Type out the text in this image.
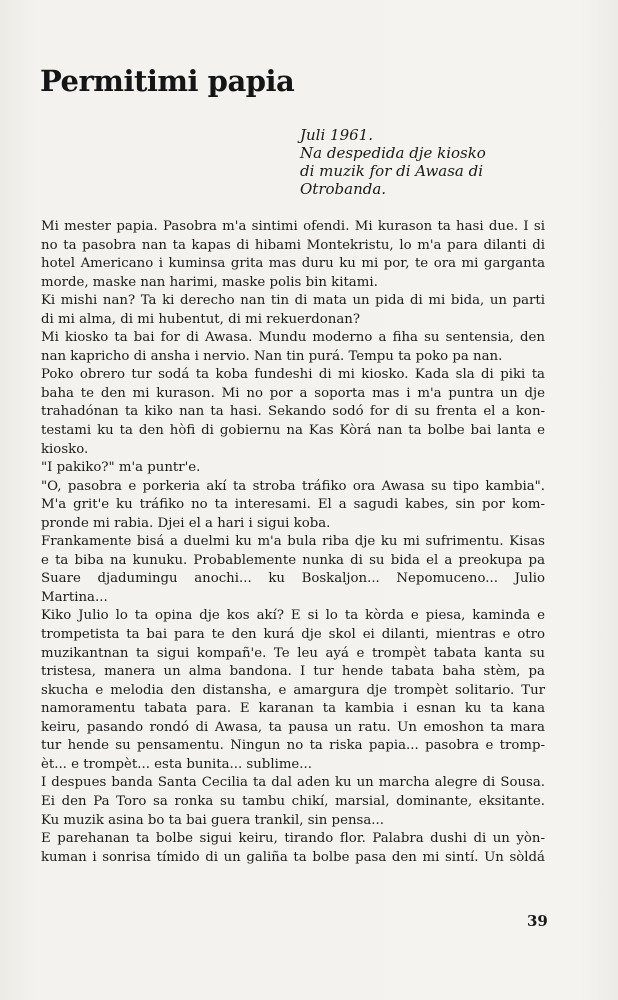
Permitimi papia
Juli 1961.
Na despedida dje kiosko
di muzik for di Awasa di
Otrobanda.
Mi mester papia. Pasobra m'a sintimi ofendi. Mi kurason ta hasi due. I si
no ta pasobra nan ta kapas di hibami Montekristu, lo m'a para dilanti di
hotel Americano i kuminsa grita mas duru ku mi por, te ora mi garganta
morde, maske nan harimi, maske polis bin kitami.
Ki mishi nan? Ta ki derecho nan tin di mata un pida di mi bida, un parti
di mi alma, di mi hubentut, di mi rekuerdonan?
Mi kiosko ta bai for di Awasa. Mundu moderno a fiha su sentensia, den
nan kapricho di ansha i nervio. Nan tin purá. Tempu ta poko pa nan.
Poko obrero tur sodá ta koba fundeshi di mi kiosko. Kada sla di piki ta
baha te den mi kurason. Mi no por a soporta mas i m'a puntra un dje
trahadónan ta kiko nan ta hasi. Sekando sodó for di su frenta el a kon-
testami ku ta den hòfi di gobiernu na Kas Kòrá nan ta bolbe bai lanta e
kiosko.
"I pakiko?" m'a puntr'e.
"O, pasobra e porkeria akí ta stroba tráfiko ora Awasa su tipo kambia".
M'a grit'e ku tráfiko no ta interesami. El a sagudi kabes, sin por kom-
pronde mi rabia. Djei el a hari i sigui koba.
Frankamente bisá a duelmi ku m'a bula riba dje ku mi sufrimentu. Kisas
e ta biba na kunuku. Probablemente nunka di su bida el a preokupa pa
Suare djadumingu anochi... ku Boskaljon... Nepomuceno... Julio
Martina...
Kiko Julio lo ta opina dje kos akí? E si lo ta kòrda e piesa, kaminda e
trompetista ta bai para te den kurá dje skol ei dilanti, mientras e otro
muzikantnan ta sigui kompañ'e. Te leu ayá e trompèt tabata kanta su
tristesa, manera un alma bandona. I tur hende tabata baha stèm, pa
skucha e melodia den distansha, e amargura dje trompèt solitario. Tur
namoramentu tabata para. E karanan ta kambia i esnan ku ta kana
keiru, pasando rondó di Awasa, ta pausa un ratu. Un emoshon ta mara
tur hende su pensamentu. Ningun no ta riska papia... pasobra e tromp-
èt... e trompèt... esta bunita... sublime...
I despues banda Santa Cecilia ta dal aden ku un marcha alegre di Sousa.
Ei den Pa Toro sa ronka su tambu chikí, marsial, dominante, eksitante.
Ku muzik asina bo ta bai guera trankil, sin pensa...
E parehanan ta bolbe sigui keiru, tirando flor. Palabra dushi di un yòn-
kuman i sonrisa tímido di un galiña ta bolbe pasa den mi sintí. Un sòldá
39
